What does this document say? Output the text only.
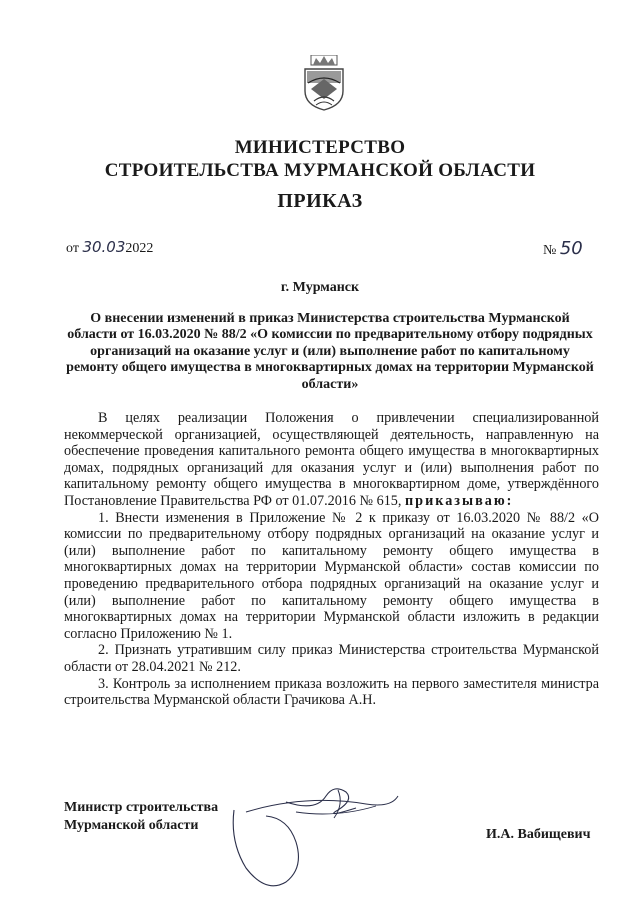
МИНИСТЕРСТВО
СТРОИТЕЛЬСТВА МУРМАНСКОЙ ОБЛАСТИ
ПРИКАЗ
от 30.032022	№ 50
г. Мурманск
О внесении изменений в приказ Министерства строительства Мурманской области от 16.03.2020 № 88/2 «О комиссии по предварительному отбору подрядных организаций на оказание услуг и (или) выполнение работ по капитальному ремонту общего имущества в многоквартирных домах на территории Мурманской области»

В целях реализации Положения о привлечении специализированной некоммерческой организацией, осуществляющей деятельность, направленную на обеспечение проведения капитального ремонта общего имущества в многоквартирных домах, подрядных организаций для оказания услуг и (или) выполнения работ по капитальному ремонту общего имущества в многоквартирном доме, утверждённого Постановление Правительства РФ от 01.07.2016 № 615, приказываю:

1. Внести изменения в Приложение № 2 к приказу от 16.03.2020 № 88/2 «О комиссии по предварительному отбору подрядных организаций на оказание услуг и (или) выполнение работ по капитальному ремонту общего имущества в многоквартирных домах на территории Мурманской области» состав комиссии по проведению предварительного отбора подрядных организаций на оказание услуг и (или) выполнение работ по капитальному ремонту общего имущества в многоквартирных домах на территории Мурманской области изложить в редакции согласно Приложению № 1.

2. Признать утратившим силу приказ Министерства строительства Мурманской области от 28.04.2021 № 212.

3. Контроль за исполнением приказа возложить на первого заместителя министра строительства Мурманской области Грачикова А.Н.

Министр строительства
Мурманской области
И.А. Вабищевич
